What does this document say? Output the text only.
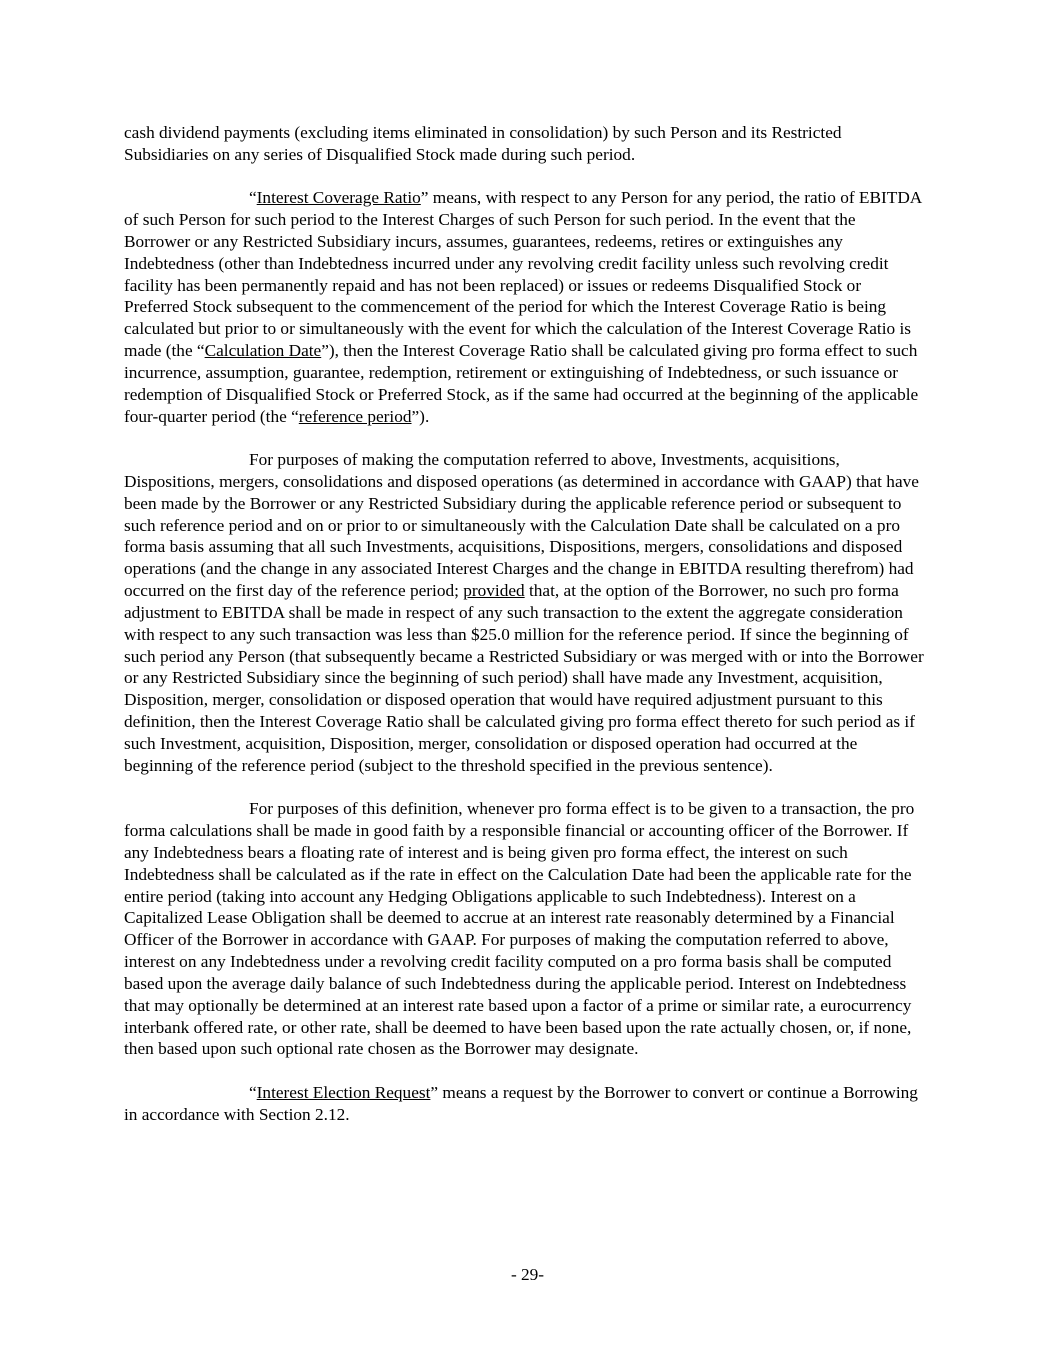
cash dividend payments (excluding items eliminated in consolidation) by such Person and its Restricted Subsidiaries on any series of Disqualified Stock made during such period.

“Interest Coverage Ratio” means, with respect to any Person for any period, the ratio of EBITDA of such Person for such period to the Interest Charges of such Person for such period. In the event that the Borrower or any Restricted Subsidiary incurs, assumes, guarantees, redeems, retires or extinguishes any Indebtedness (other than Indebtedness incurred under any revolving credit facility unless such revolving credit facility has been permanently repaid and has not been replaced) or issues or redeems Disqualified Stock or Preferred Stock subsequent to the commencement of the period for which the Interest Coverage Ratio is being calculated but prior to or simultaneously with the event for which the calculation of the Interest Coverage Ratio is made (the “Calculation Date”), then the Interest Coverage Ratio shall be calculated giving pro forma effect to such incurrence, assumption, guarantee, redemption, retirement or extinguishing of Indebtedness, or such issuance or redemption of Disqualified Stock or Preferred Stock, as if the same had occurred at the beginning of the applicable four-quarter period (the “reference period”).

For purposes of making the computation referred to above, Investments, acquisitions, Dispositions, mergers, consolidations and disposed operations (as determined in accordance with GAAP) that have been made by the Borrower or any Restricted Subsidiary during the applicable reference period or subsequent to such reference period and on or prior to or simultaneously with the Calculation Date shall be calculated on a pro forma basis assuming that all such Investments, acquisitions, Dispositions, mergers, consolidations and disposed operations (and the change in any associated Interest Charges and the change in EBITDA resulting therefrom) had occurred on the first day of the reference period; provided that, at the option of the Borrower, no such pro forma adjustment to EBITDA shall be made in respect of any such transaction to the extent the aggregate consideration with respect to any such transaction was less than $25.0 million for the reference period. If since the beginning of such period any Person (that subsequently became a Restricted Subsidiary or was merged with or into the Borrower or any Restricted Subsidiary since the beginning of such period) shall have made any Investment, acquisition, Disposition, merger, consolidation or disposed operation that would have required adjustment pursuant to this definition, then the Interest Coverage Ratio shall be calculated giving pro forma effect thereto for such period as if such Investment, acquisition, Disposition, merger, consolidation or disposed operation had occurred at the beginning of the reference period (subject to the threshold specified in the previous sentence).

For purposes of this definition, whenever pro forma effect is to be given to a transaction, the pro forma calculations shall be made in good faith by a responsible financial or accounting officer of the Borrower. If any Indebtedness bears a floating rate of interest and is being given pro forma effect, the interest on such Indebtedness shall be calculated as if the rate in effect on the Calculation Date had been the applicable rate for the entire period (taking into account any Hedging Obligations applicable to such Indebtedness). Interest on a Capitalized Lease Obligation shall be deemed to accrue at an interest rate reasonably determined by a Financial Officer of the Borrower in accordance with GAAP. For purposes of making the computation referred to above, interest on any Indebtedness under a revolving credit facility computed on a pro forma basis shall be computed based upon the average daily balance of such Indebtedness during the applicable period. Interest on Indebtedness that may optionally be determined at an interest rate based upon a factor of a prime or similar rate, a eurocurrency interbank offered rate, or other rate, shall be deemed to have been based upon the rate actually chosen, or, if none, then based upon such optional rate chosen as the Borrower may designate.

“Interest Election Request” means a request by the Borrower to convert or continue a Borrowing in accordance with Section 2.12.

- 29-
